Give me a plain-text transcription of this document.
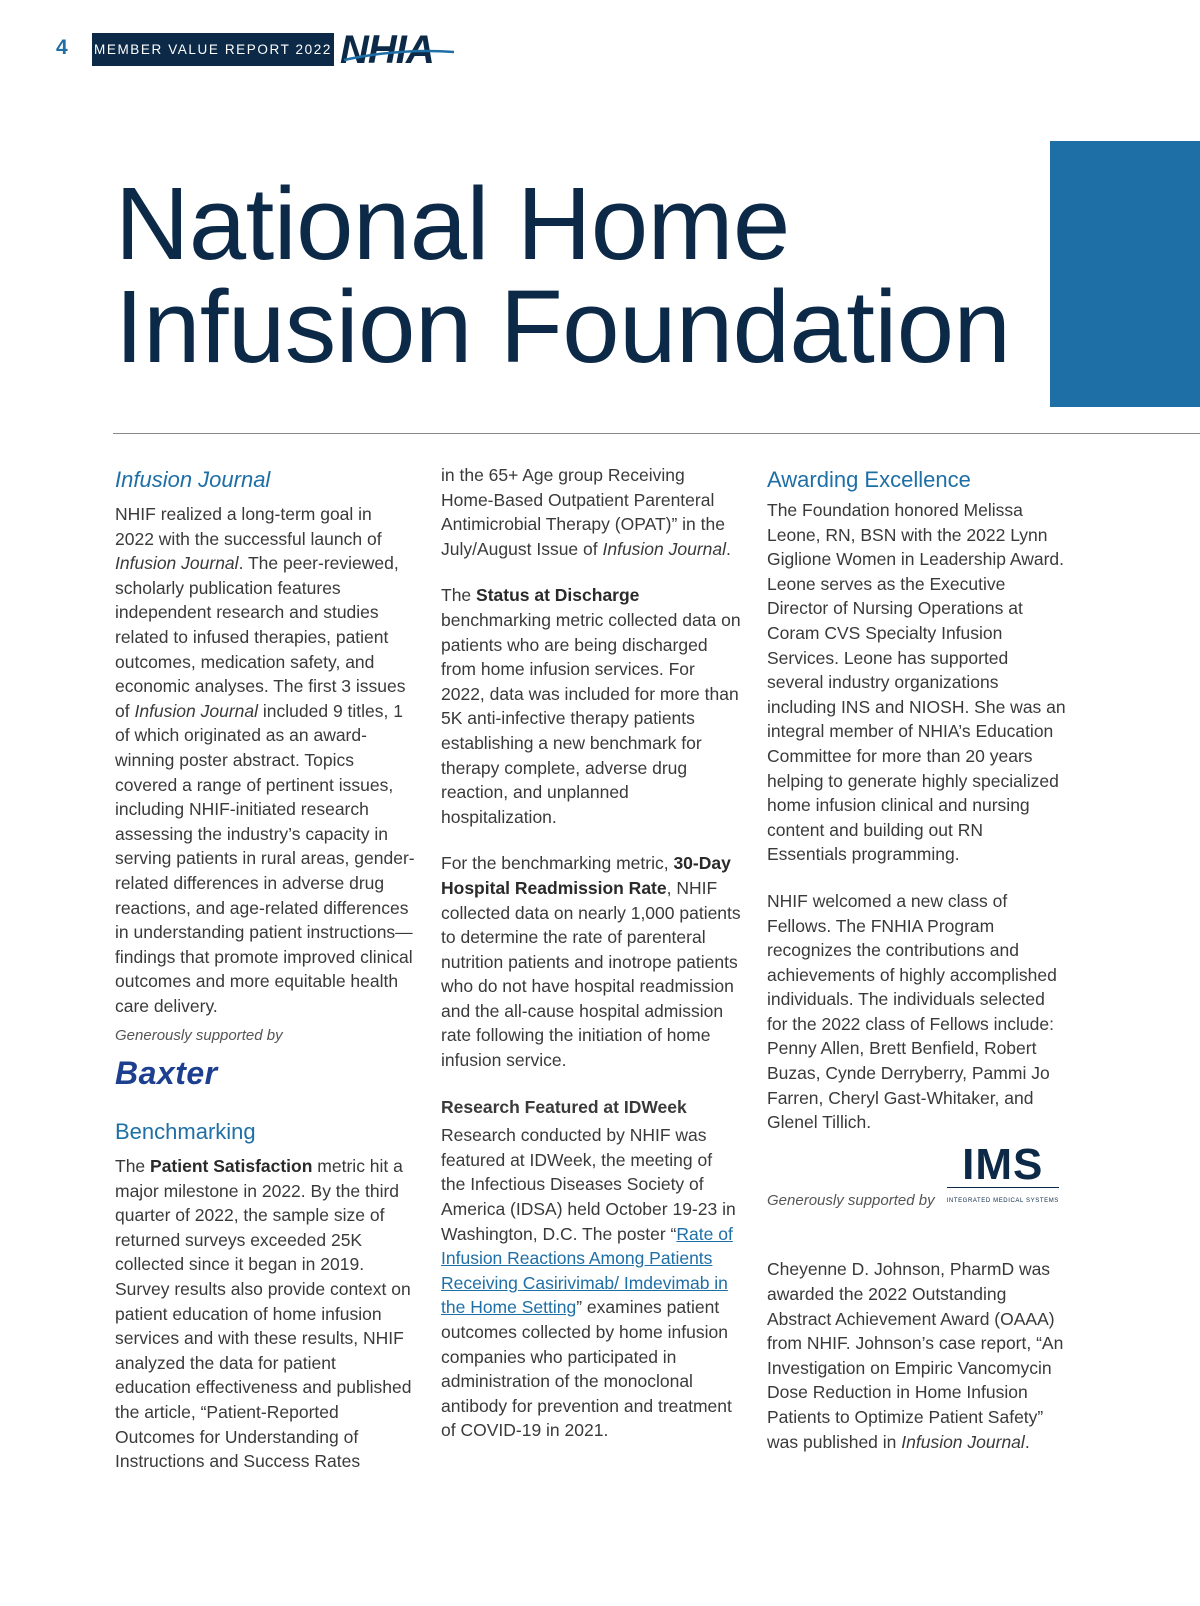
4 MEMBER VALUE REPORT 2022 NHIA
National Home
Infusion Foundation
Infusion Journal

NHIF realized a long-term goal in 2022 with the successful launch of Infusion Journal. The peer-reviewed, scholarly publication features independent research and studies related to infused therapies, patient outcomes, medication safety, and economic analyses. The first 3 issues of Infusion Journal included 9 titles, 1 of which originated as an award-winning poster abstract. Topics covered a range of pertinent issues, including NHIF-initiated research assessing the industry’s capacity in serving patients in rural areas, gender-related differences in adverse drug reactions, and age-related differences in understanding patient instructions—findings that promote improved clinical outcomes and more equitable health care delivery.

Generously supported by

Baxter
Benchmarking

The Patient Satisfaction metric hit a major milestone in 2022. By the third quarter of 2022, the sample size of returned surveys exceeded 25K collected since it began in 2019. Survey results also provide context on patient education of home infusion services and with these results, NHIF analyzed the data for patient education effectiveness and published the article, “Patient-Reported Outcomes for Understanding of Instructions and Success Rates

in the 65+ Age group Receiving Home-Based Outpatient Parenteral Antimicrobial Therapy (OPAT)” in the July/August Issue of Infusion Journal.

The Status at Discharge benchmarking metric collected data on patients who are being discharged from home infusion services. For 2022, data was included for more than 5K anti-infective therapy patients establishing a new benchmark for therapy complete, adverse drug reaction, and unplanned hospitalization.

For the benchmarking metric, 30-Day Hospital Readmission Rate, NHIF collected data on nearly 1,000 patients to determine the rate of parenteral nutrition patients and inotrope patients who do not have hospital readmission and the all-cause hospital admission rate following the initiation of home infusion service.

Research Featured at IDWeek

Research conducted by NHIF was featured at IDWeek, the meeting of the Infectious Diseases Society of America (IDSA) held October 19-23 in Washington, D.C. The poster “Rate of Infusion Reactions Among Patients Receiving Casirivimab/ Imdevimab in the Home Setting” examines patient outcomes collected by home infusion companies who participated in administration of the monoclonal antibody for prevention and treatment of COVID-19 in 2021.

Awarding Excellence

The Foundation honored Melissa Leone, RN, BSN with the 2022 Lynn Giglione Women in Leadership Award. Leone serves as the Executive Director of Nursing Operations at Coram CVS Specialty Infusion Services. Leone has supported several industry organizations including INS and NIOSH. She was an integral member of NHIA’s Education Committee for more than 20 years helping to generate highly specialized home infusion clinical and nursing content and building out RN Essentials programming.

NHIF welcomed a new class of Fellows. The FNHIA Program recognizes the contributions and achievements of highly accomplished individuals. The individuals selected for the 2022 class of Fellows include: Penny Allen, Brett Benfield, Robert Buzas, Cynde Derryberry, Pammi Jo Farren, Cheryl Gast-Whitaker, and Glenel Tillich.

Generously supported by

IMS
INTEGRATED MEDICAL SYSTEMS

Cheyenne D. Johnson, PharmD was awarded the 2022 Outstanding Abstract Achievement Award (OAAA) from NHIF. Johnson’s case report, “An Investigation on Empiric Vancomycin Dose Reduction in Home Infusion Patients to Optimize Patient Safety” was published in Infusion Journal.
